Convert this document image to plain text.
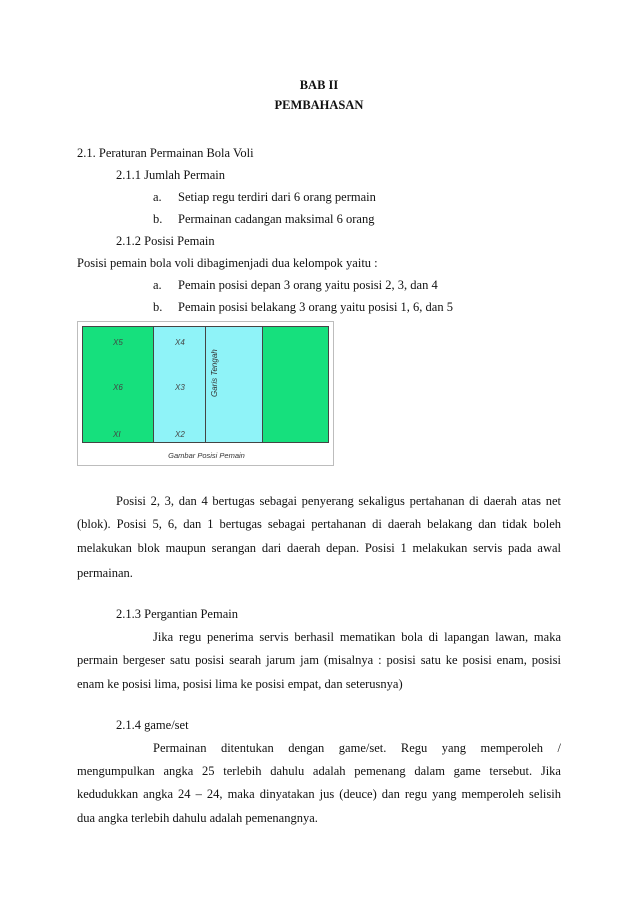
BAB II
PEMBAHASAN
2.1. Peraturan Permainan Bola Voli
2.1.1 Jumlah Permain
a. Setiap regu terdiri dari 6 orang permain
b. Permainan cadangan maksimal 6 orang
2.1.2 Posisi Pemain
Posisi pemain bola voli dibagimenjadi dua kelompok yaitu :
a. Pemain posisi depan 3 orang yaitu posisi 2, 3, dan 4
b. Pemain posisi belakang 3 orang yaitu posisi 1, 6, dan 5
X5
X6
XI
X4
X3
X2
Garis Tengah
Gambar Posisi Pemain
Posisi 2, 3, dan 4 bertugas sebagai penyerang sekaligus pertahanan di daerah atas net
(blok). Posisi 5, 6, dan 1 bertugas sebagai pertahanan di daerah belakang dan tidak boleh
melakukan blok maupun serangan dari daerah depan. Posisi 1 melakukan servis pada awal
permainan.
2.1.3 Pergantian Pemain
Jika regu penerima servis berhasil mematikan bola di lapangan lawan, maka
permain bergeser satu posisi searah jarum jam (misalnya : posisi satu ke posisi enam, posisi
enam ke posisi lima, posisi lima ke posisi empat, dan seterusnya)
2.1.4 game/set
Permainan ditentukan dengan game/set. Regu yang memperoleh /
mengumpulkan angka 25 terlebih dahulu adalah pemenang dalam game tersebut. Jika
kedudukkan angka 24 – 24, maka dinyatakan jus (deuce) dan regu yang memperoleh selisih
dua angka terlebih dahulu adalah pemenangnya.
